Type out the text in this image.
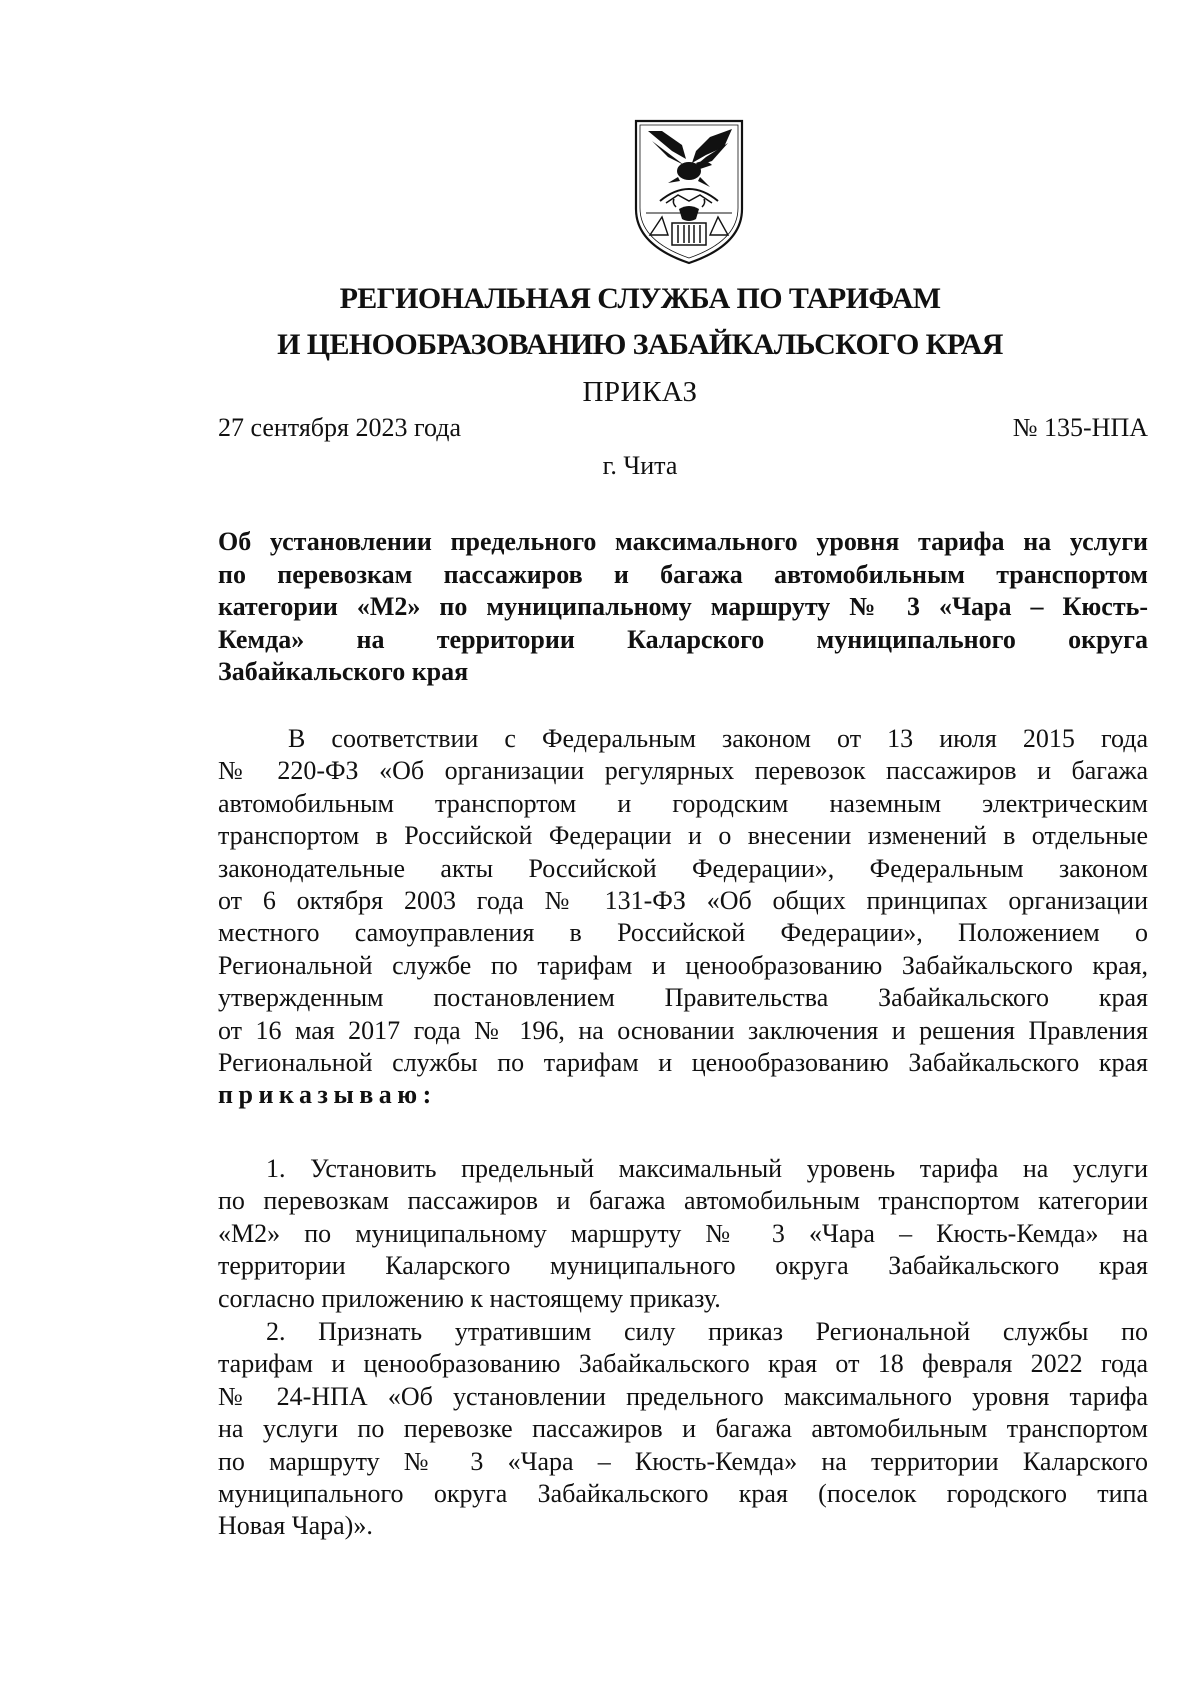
РЕГИОНАЛЬНАЯ СЛУЖБА ПО ТАРИФАМ
И ЦЕНООБРАЗОВАНИЮ ЗАБАЙКАЛЬСКОГО КРАЯ
ПРИКАЗ
27 сентября 2023 года	№ 135-НПА
г. Чита
Об установлении предельного максимального уровня тарифа на услуги
по перевозкам пассажиров и багажа автомобильным транспортом
категории «М2» по муниципальному маршруту № 3 «Чара – Кюсть-
Кемда» на территории Каларского муниципального округа
Забайкальского края
В соответствии с Федеральным законом от 13 июля 2015 года
№ 220-ФЗ «Об организации регулярных перевозок пассажиров и багажа
автомобильным транспортом и городским наземным электрическим
транспортом в Российской Федерации и о внесении изменений в отдельные
законодательные акты Российской Федерации», Федеральным законом
от 6 октября 2003 года № 131-ФЗ «Об общих принципах организации
местного самоуправления в Российской Федерации», Положением о
Региональной службе по тарифам и ценообразованию Забайкальского края,
утвержденным постановлением Правительства Забайкальского края
от 16 мая 2017 года № 196, на основании заключения и решения Правления
Региональной службы по тарифам и ценообразованию Забайкальского края
приказываю:
1. Установить предельный максимальный уровень тарифа на услуги
по перевозкам пассажиров и багажа автомобильным транспортом категории
«М2» по муниципальному маршруту № 3 «Чара – Кюсть-Кемда» на
территории Каларского муниципального округа Забайкальского края
согласно приложению к настоящему приказу.
2. Признать утратившим силу приказ Региональной службы по
тарифам и ценообразованию Забайкальского края от 18 февраля 2022 года
№ 24-НПА «Об установлении предельного максимального уровня тарифа
на услуги по перевозке пассажиров и багажа автомобильным транспортом
по маршруту № 3 «Чара – Кюсть-Кемда» на территории Каларского
муниципального округа Забайкальского края (поселок городского типа
Новая Чара)».
